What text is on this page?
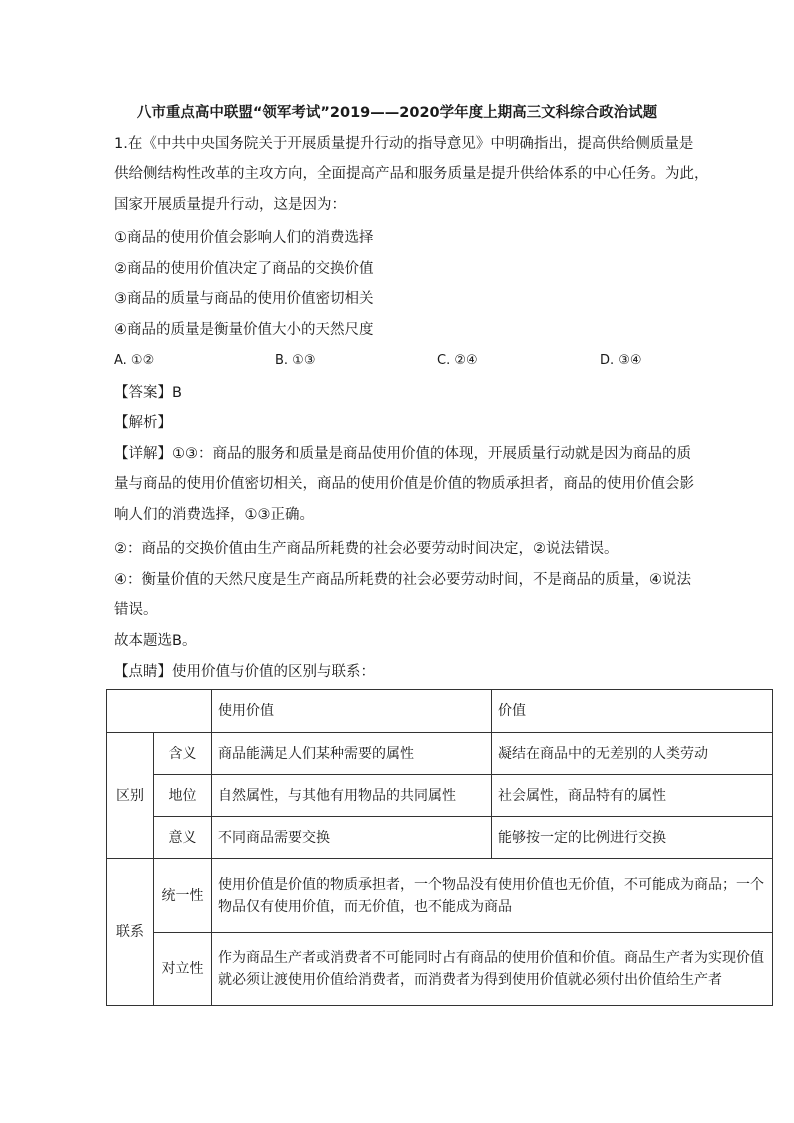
八市重点高中联盟“领军考试”2019——2020学年度上期高三文科综合政治试题
1.在《中共中央国务院关于开展质量提升行动的指导意见》中明确指出，提高供给侧质量是
供给侧结构性改革的主攻方向，全面提高产品和服务质量是提升供给体系的中心任务。为此，
国家开展质量提升行动，这是因为：
①商品的使用价值会影响人们的消费选择
②商品的使用价值决定了商品的交换价值
③商品的质量与商品的使用价值密切相关
④商品的质量是衡量价值大小的天然尺度
A. ①②	B. ①③	C. ②④	D. ③④
【答案】B
【解析】
【详解】①③：商品的服务和质量是商品使用价值的体现，开展质量行动就是因为商品的质
量与商品的使用价值密切相关，商品的使用价值是价值的物质承担者，商品的使用价值会影
响人们的消费选择，①③正确。
②：商品的交换价值由生产商品所耗费的社会必要劳动时间决定，②说法错误。
④：衡量价值的天然尺度是生产商品所耗费的社会必要劳动时间，不是商品的质量，④说法
错误。
故本题选B。
【点睛】使用价值与价值的区别与联系：
		使用价值	价值
区别	含义	商品能满足人们某种需要的属性	凝结在商品中的无差别的人类劳动
	地位	自然属性，与其他有用物品的共同属性	社会属性，商品特有的属性
	意义	不同商品需要交换	能够按一定的比例进行交换
联系	统一性	使用价值是价值的物质承担者，一个物品没有使用价值也无价值，不可能成为商品；一个
物品仅有使用价值，而无价值，也不能成为商品	

	对立性	作为商品生产者或消费者不可能同时占有商品的使用价值和价值。商品生产者为实现价值
就必须让渡使用价值给消费者，而消费者为得到使用价值就必须付出价值给生产者	
